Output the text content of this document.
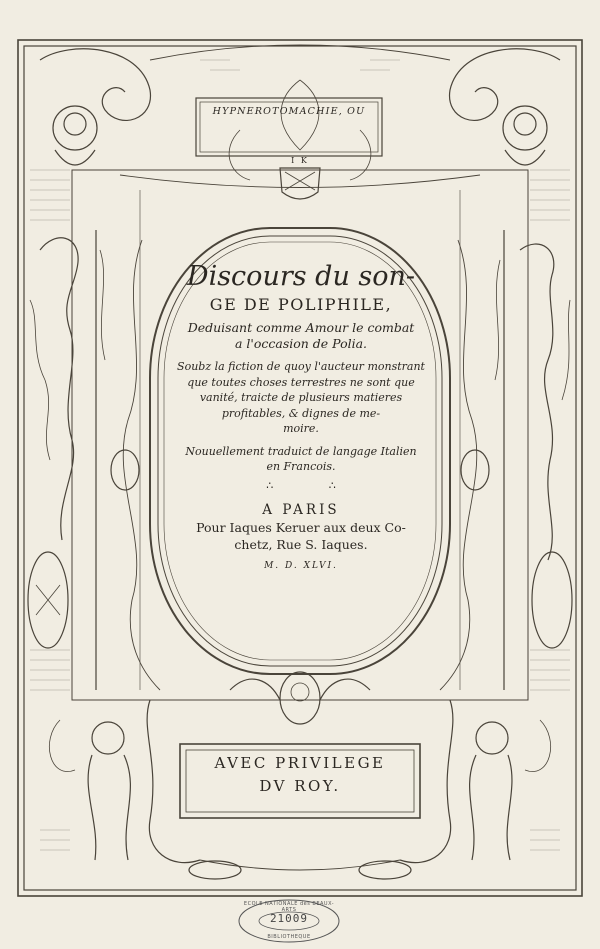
I K
HYPNEROTOMACHIE, OU
Discours du son-
GE DE POLIPHILE,
Deduisant comme Amour le combat
a l'occasion de Polia.
Soubz la fiction de quoy l'aucteur monstrant
que toutes choses terrestres ne sont que
vanité, traicte de plusieurs matieres
profitables, & dignes de me-
moire.
Nouuellement traduict de langage Italien
en Francois.
∴ ∴
A PARIS
Pour Iaques Keruer aux deux Co-
chetz, Rue S. Iaques.
M. D. XLVI.
AVEC PRIVILEGE
DV ROY.
ECOLE NATIONALE des BEAUX-ARTS
21009
BIBLIOTHEQUE
